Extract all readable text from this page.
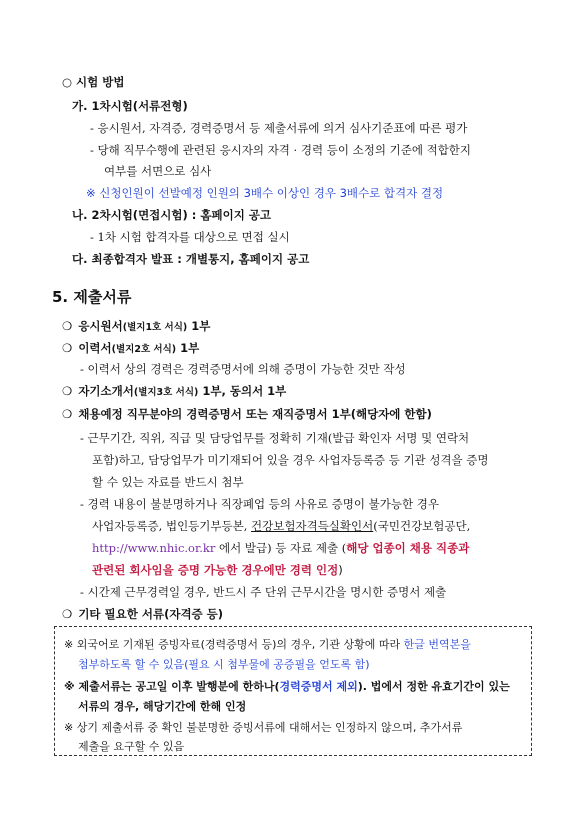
○ 시험 방법
가. 1차시험(서류전형)
- 응시원서, 자격증, 경력증명서 등 제출서류에 의거 심사기준표에 따른 평가
- 당해 직무수행에 관련된 응시자의 자격 · 경력 등이 소정의 기준에 적합한지
여부를 서면으로 심사
※ 신청인원이 선발예정 인원의 3배수 이상인 경우 3배수로 합격자 결정
나. 2차시험(면접시험) : 홈페이지 공고
- 1차 시험 합격자를 대상으로 면접 실시
다. 최종합격자 발표 : 개별통지, 홈페이지 공고
5. 제출서류
❍ 응시원서(별지1호 서식) 1부
❍ 이력서(별지2호 서식) 1부
- 이력서 상의 경력은 경력증명서에 의해 증명이 가능한 것만 작성
❍ 자기소개서(별지3호 서식) 1부, 동의서 1부
❍ 채용예정 직무분야의 경력증명서 또는 재직증명서 1부(해당자에 한함)
- 근무기간, 직위, 직급 및 담당업무를 정확히 기재(발급 확인자 서명 및 연락처
포함)하고, 담당업무가 미기재되어 있을 경우 사업자등록증 등 기관 성격을 증명
할 수 있는 자료를 반드시 첨부
- 경력 내용이 불분명하거나 직장폐업 등의 사유로 증명이 불가능한 경우
사업자등록증, 법인등기부등본, 건강보험자격득실확인서(국민건강보험공단,
http://www.nhic.or.kr 에서 발급) 등 자료 제출 (해당 업종이 채용 직종과
관련된 회사임을 증명 가능한 경우에만 경력 인정)
- 시간제 근무경력일 경우, 반드시 주 단위 근무시간을 명시한 증명서 제출
❍ 기타 필요한 서류(자격증 등)
※ 외국어로 기재된 증빙자료(경력증명서 등)의 경우, 기관 상황에 따라 한글 번역본을
첨부하도록 할 수 있음(필요 시 첨부물에 공증필을 얻도록 함)
※ 제출서류는 공고일 이후 발행분에 한하나(경력증명서 제외). 법에서 정한 유효기간이 있는
서류의 경우, 해당기간에 한해 인정
※ 상기 제출서류 중 확인 불분명한 증빙서류에 대해서는 인정하지 않으며, 추가서류
제출을 요구할 수 있음
